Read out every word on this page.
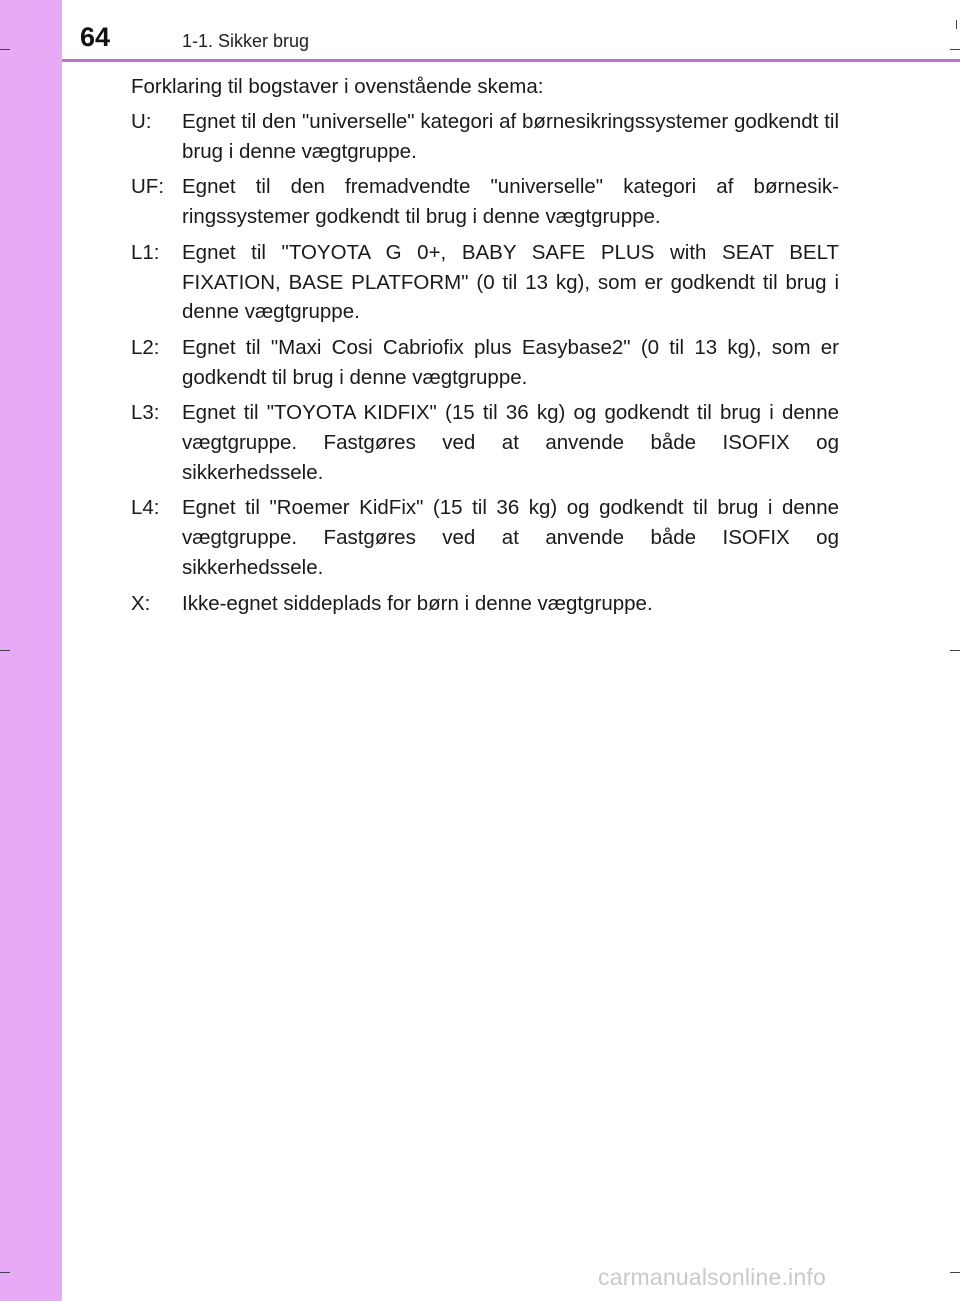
64	1-1. Sikker brug
Forklaring til bogstaver i ovenstående skema:
U:	Egnet til den "universelle" kategori af børnesikringssystemer godkendt til brug i denne vægtgruppe.
UF: Egnet til den fremadvendte "universelle" kategori af børnesikringssystemer godkendt til brug i denne vægtgruppe.
L1:	Egnet til "TOYOTA G 0+, BABY SAFE PLUS with SEAT BELT FIXATION, BASE PLATFORM" (0 til 13 kg), som er godkendt til brug i denne vægtgruppe.
L2:	Egnet til "Maxi Cosi Cabriofix plus Easybase2" (0 til 13 kg), som er godkendt til brug i denne vægtgruppe.
L3:	Egnet til "TOYOTA KIDFIX" (15 til 36 kg) og godkendt til brug i denne vægtgruppe. Fastgøres ved at anvende både ISOFIX og sikkerhedssele.
L4:	Egnet til "Roemer KidFix" (15 til 36 kg) og godkendt til brug i denne vægtgruppe. Fastgøres ved at anvende både ISOFIX og sikkerhedssele.
X:	Ikke-egnet siddeplads for børn i denne vægtgruppe.
carmanualsonline.info
